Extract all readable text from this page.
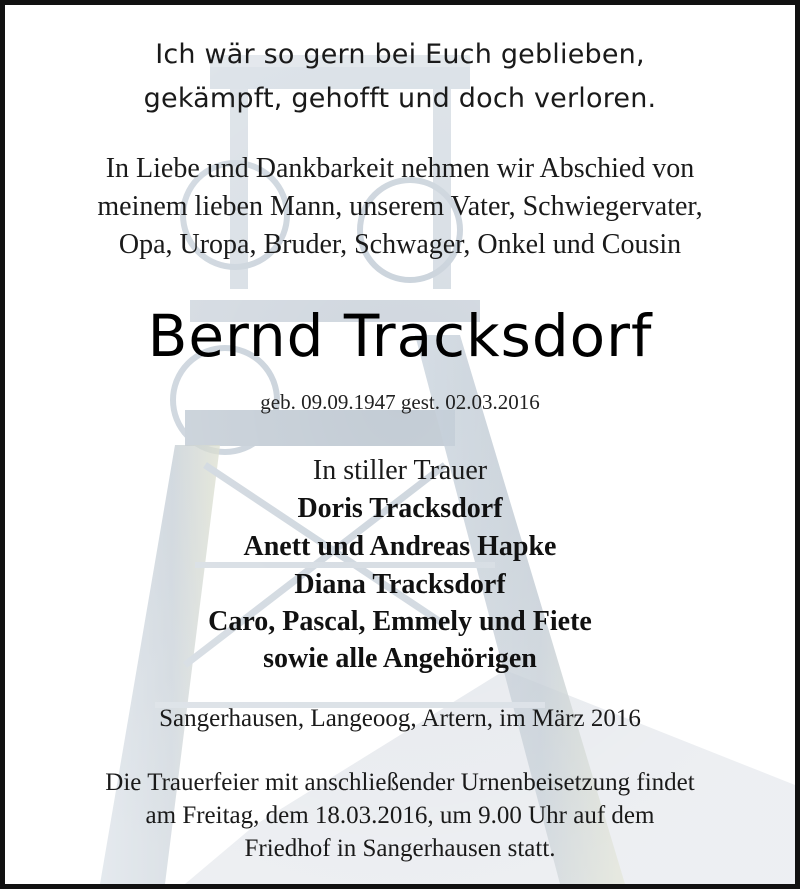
Ich wär so gern bei Euch geblieben,
gekämpft, gehofft und doch verloren.
In Liebe und Dankbarkeit nehmen wir Abschied von
meinem lieben Mann, unserem Vater, Schwiegervater,
Opa, Uropa, Bruder, Schwager, Onkel und Cousin
Bernd Tracksdorf
geb. 09.09.1947 gest. 02.03.2016
In stiller Trauer
Doris Tracksdorf
Anett und Andreas Hapke
Diana Tracksdorf
Caro, Pascal, Emmely und Fiete
sowie alle Angehörigen
Sangerhausen, Langeoog, Artern, im März 2016
Die Trauerfeier mit anschließender Urnenbeisetzung findet
am Freitag, dem 18.03.2016, um 9.00 Uhr auf dem
Friedhof in Sangerhausen statt.
